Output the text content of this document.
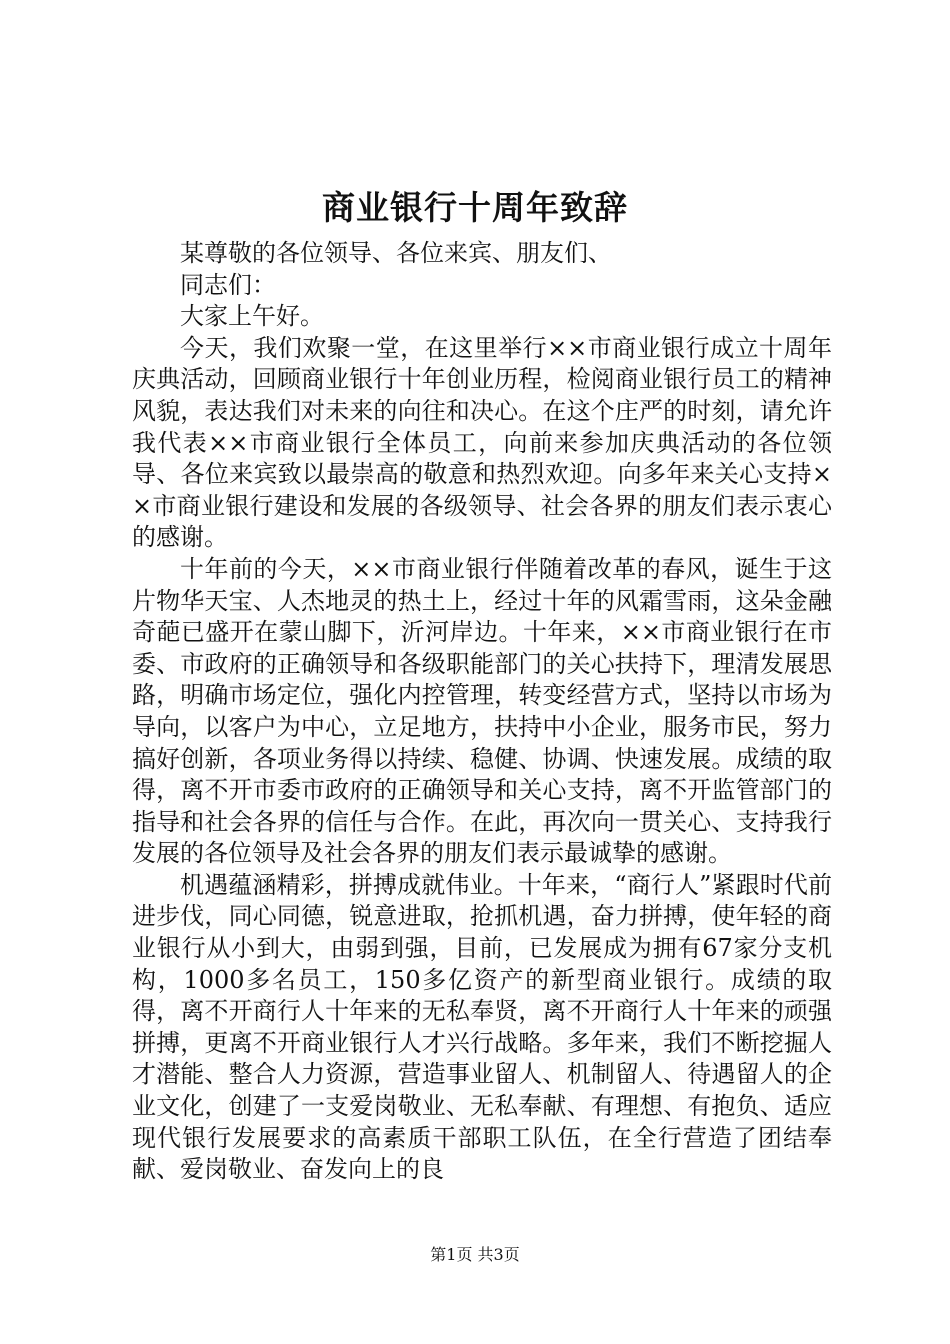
商业银行十周年致辞

某尊敬的各位领导、各位来宾、朋友们、

同志们：

大家上午好。

今天，我们欢聚一堂，在这里举行××市商业银行成立十周年庆典活动，回顾商业银行十年创业历程，检阅商业银行员工的精神风貌，表达我们对未来的向往和决心。在这个庄严的时刻，请允许我代表××市商业银行全体员工，向前来参加庆典活动的各位领导、各位来宾致以最崇高的敬意和热烈欢迎。向多年来关心支持××市商业银行建设和发展的各级领导、社会各界的朋友们表示衷心的感谢。

十年前的今天，××市商业银行伴随着改革的春风，诞生于这片物华天宝、人杰地灵的热土上，经过十年的风霜雪雨，这朵金融奇葩已盛开在蒙山脚下，沂河岸边。十年来，××市商业银行在市委、市政府的正确领导和各级职能部门的关心扶持下，理清发展思路，明确市场定位，强化内控管理，转变经营方式，坚持以市场为导向，以客户为中心，立足地方，扶持中小企业，服务市民，努力搞好创新，各项业务得以持续、稳健、协调、快速发展。成绩的取得，离不开市委市政府的正确领导和关心支持，离不开监管部门的指导和社会各界的信任与合作。在此，再次向一贯关心、支持我行发展的各位领导及社会各界的朋友们表示最诚挚的感谢。

机遇蕴涵精彩，拼搏成就伟业。十年来，“商行人”紧跟时代前进步伐，同心同德，锐意进取，抢抓机遇，奋力拼搏，使年轻的商业银行从小到大，由弱到强，目前，已发展成为拥有67家分支机构，1000多名员工，150多亿资产的新型商业银行。成绩的取得，离不开商行人十年来的无私奉贤，离不开商行人十年来的顽强拼搏，更离不开商业银行人才兴行战略。多年来，我们不断挖掘人才潜能、整合人力资源，营造事业留人、机制留人、待遇留人的企业文化，创建了一支爱岗敬业、无私奉献、有理想、有抱负、适应现代银行发展要求的高素质干部职工队伍，在全行营造了团结奉献、爱岗敬业、奋发向上的良

第1页 共3页
